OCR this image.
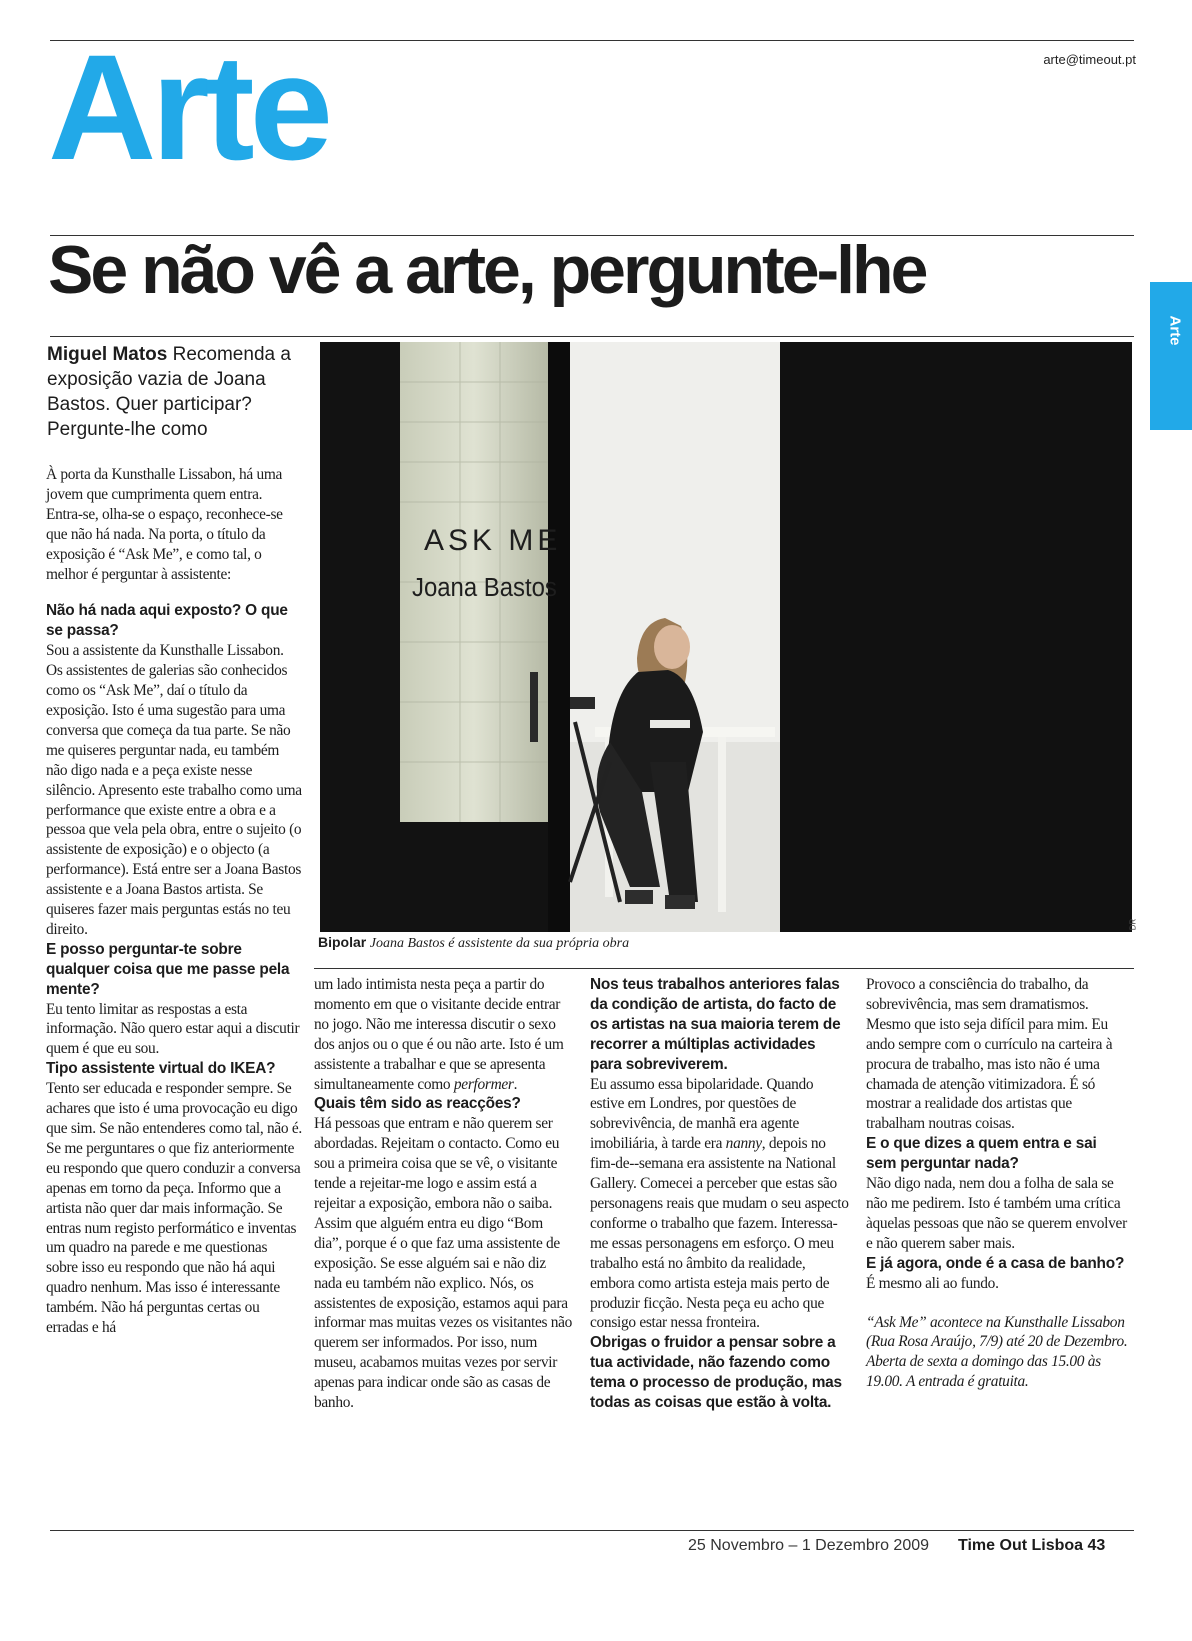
arte@timeout.pt
Arte
Se não vê a arte, pergunte-lhe
Arte
Miguel Matos Recomenda a exposição vazia de Joana Bastos. Quer participar? Pergunte-lhe como
ASK ME
Joana Bastos
DR
Bipolar Joana Bastos é assistente da sua própria obra

À porta da Kunsthalle Lissabon, há uma jovem que cumprimenta quem entra. Entra-se, olha-se o espaço, reconhece-se que não há nada. Na porta, o título da exposição é “Ask Me”, e como tal, o melhor é perguntar à assistente:

Não há nada aqui exposto? O que se passa?

Sou a assistente da Kunsthalle Lissabon. Os assistentes de galerias são conhecidos como os “Ask Me”, daí o título da exposição. Isto é uma sugestão para uma conversa que começa da tua parte. Se não me quiseres perguntar nada, eu também não digo nada e a peça existe nesse silêncio. Apresento este trabalho como uma performance que existe entre a obra e a pessoa que vela pela obra, entre o sujeito (o assistente de exposição) e o objecto (a performance). Está entre ser a Joana Bastos assistente e a Joana Bastos artista. Se quiseres fazer mais perguntas estás no teu direito.

E posso perguntar-te sobre qualquer coisa que me passe pela mente?

Eu tento limitar as respostas a esta informação. Não quero estar aqui a discutir quem é que eu sou.

Tipo assistente virtual do IKEA?

Tento ser educada e responder sempre. Se achares que isto é uma provocação eu digo que sim. Se não entenderes como tal, não é. Se me perguntares o que fiz anteriormente eu respondo que quero conduzir a conversa apenas em torno da peça. Informo que a artista não quer dar mais informação. Se entras num registo performático e inventas um quadro na parede e me questionas sobre isso eu respondo que não há aqui quadro nenhum. Mas isso é interessante também. Não há perguntas certas ou erradas e há

um lado intimista nesta peça a partir do momento em que o visitante decide entrar no jogo. Não me interessa discutir o sexo dos anjos ou o que é ou não arte. Isto é um assistente a trabalhar e que se apresenta simultaneamente como performer.

Quais têm sido as reacções?

Há pessoas que entram e não querem ser abordadas. Rejeitam o contacto. Como eu sou a primeira coisa que se vê, o visitante tende a rejeitar-me logo e assim está a rejeitar a exposição, embora não o saiba. Assim que alguém entra eu digo “Bom dia”, porque é o que faz uma assistente de exposição. Se esse alguém sai e não diz nada eu também não explico. Nós, os assistentes de exposição, estamos aqui para informar mas muitas vezes os visitantes não querem ser informados. Por isso, num museu, acabamos muitas vezes por servir apenas para indicar onde são as casas de banho.

Nos teus trabalhos anteriores falas da condição de artista, do facto de os artistas na sua maioria terem de recorrer a múltiplas actividades para sobreviverem.

Eu assumo essa bipolaridade. Quando estive em Londres, por questões de sobrevivência, de manhã era agente imobiliária, à tarde era nanny, depois no fim-de--semana era assistente na National Gallery. Comecei a perceber que estas são personagens reais que mudam o seu aspecto conforme o trabalho que fazem. Interessa-me essas personagens em esforço. O meu trabalho está no âmbito da realidade, embora como artista esteja mais perto de produzir ficção. Nesta peça eu acho que consigo estar nessa fronteira.

Obrigas o fruidor a pensar sobre a tua actividade, não fazendo como tema o processo de produção, mas todas as coisas que estão à volta.

Provoco a consciência do trabalho, da sobrevivência, mas sem dramatismos. Mesmo que isto seja difícil para mim. Eu ando sempre com o currículo na carteira à procura de trabalho, mas isto não é uma chamada de atenção vitimizadora. É só mostrar a realidade dos artistas que trabalham noutras coisas.

E o que dizes a quem entra e sai sem perguntar nada?

Não digo nada, nem dou a folha de sala se não me pedirem. Isto é também uma crítica àquelas pessoas que não se querem envolver e não querem saber mais.

E já agora, onde é a casa de banho?

É mesmo ali ao fundo.

“Ask Me” acontece na Kunsthalle Lissabon (Rua Rosa Araújo, 7/9) até 20 de Dezembro. Aberta de sexta a domingo das 15.00 às 19.00. A entrada é gratuita.

25 Novembro – 1 Dezembro 2009 Time Out Lisboa 43
